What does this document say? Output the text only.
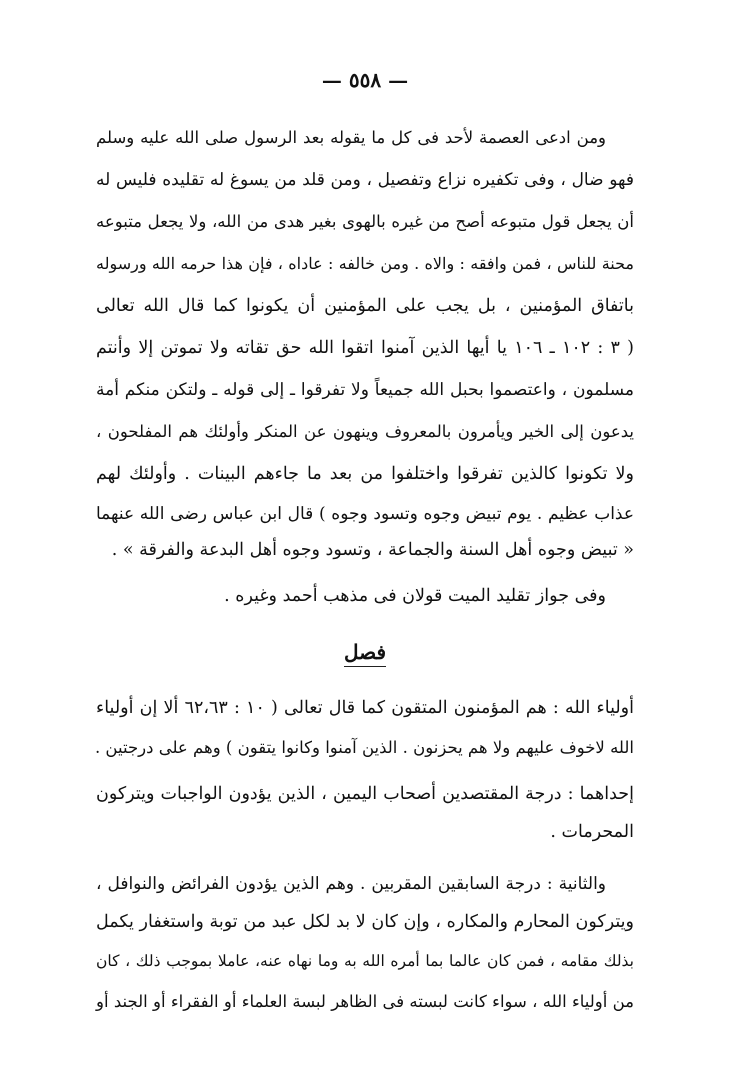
— ٥٥٨ —
ومن ادعى العصمة لأحد فى كل ما يقوله بعد الرسول صلى الله عليه وسلم
فهو ضال ، وفى تكفيره نزاع وتفصيل ، ومن قلد من يسوغ له تقليده فليس له
أن يجعل قول متبوعه أصح من غيره بالهوى بغير هدى من الله، ولا يجعل متبوعه
محنة للناس ، فمن وافقه : والاه . ومن خالفه : عاداه ، فإن هذا حرمه الله ورسوله
باتفاق المؤمنين ، بل يجب على المؤمنين أن يكونوا كما قال الله تعالى
( ٣ : ١٠٢ ـ ١٠٦ يا أيها الذين آمنوا اتقوا الله حق تقاته ولا تموتن إلا وأنتم
مسلمون ، واعتصموا بحبل الله جميعاً ولا تفرقوا ـ إلى قوله ـ ولتكن منكم أمة
يدعون إلى الخير ويأمرون بالمعروف وينهون عن المنكر وأولئك هم المفلحون ،
ولا تكونوا كالذين تفرقوا واختلفوا من بعد ما جاءهم البينات . وأولئك لهم
عذاب عظيم . يوم تبيض وجوه وتسود وجوه ) قال ابن عباس رضى الله عنهما
« تبيض وجوه أهل السنة والجماعة ، وتسود وجوه أهل البدعة والفرقة » .
وفى جواز تقليد الميت قولان فى مذهب أحمد وغيره .
فصل
أولياء الله : هم المؤمنون المتقون كما قال تعالى ( ١٠ : ٦٢،٦٣ ألا إن أولياء
الله لاخوف عليهم ولا هم يحزنون . الذين آمنوا وكانوا يتقون ) وهم على درجتين .
إحداهما : درجة المقتصدين أصحاب اليمين ، الذين يؤدون الواجبات ويتركون
المحرمات .
والثانية : درجة السابقين المقربين . وهم الذين يؤدون الفرائض والنوافل ،
ويتركون المحارم والمكاره ، وإن كان لا بد لكل عبد من توبة واستغفار يكمل
بذلك مقامه ، فمن كان عالما بما أمره الله به وما نهاه عنه، عاملا بموجب ذلك ، كان
من أولياء الله ، سواء كانت لبسته فى الظاهر لبسة العلماء أو الفقراء أو الجند أو
